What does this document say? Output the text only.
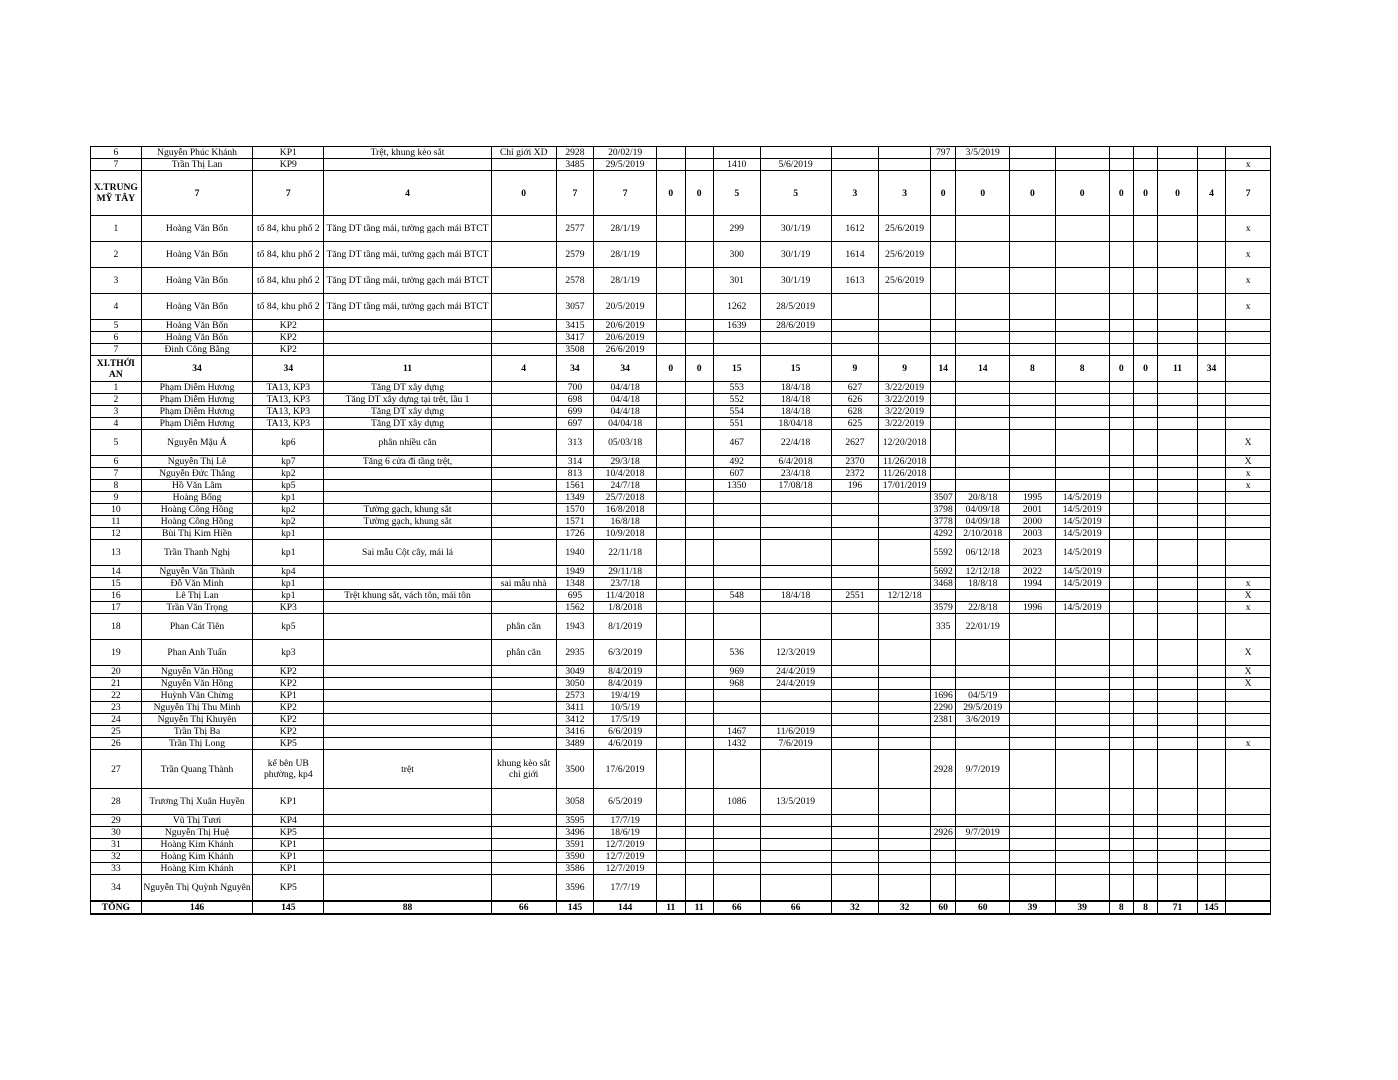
6	Nguyễn Phúc Khánh	KP1	Trệt, khung kèo sắt	Chỉ giới XD	2928	20/02/19							797	3/5/2019							
7	Trần Thị Lan	KP9			3485	29/5/2019			1410	5/6/2019											x
X.TRUNG MỸ TÂY	7	7	4	0	7	7	0	0	5	5	3	3	0	0	0	0	0	0	0	4	7
1	Hoàng Văn Bốn	tổ 84, khu phố 2	Tăng DT tầng mái, tường gạch mái BTCT		2577	28/1/19			299	30/1/19	1612	25/6/2019									x
2	Hoàng Văn Bốn	tổ 84, khu phố 2	Tăng DT tầng mái, tường gạch mái BTCT		2579	28/1/19			300	30/1/19	1614	25/6/2019									x
3	Hoàng Văn Bốn	tổ 84, khu phố 2	Tăng DT tầng mái, tường gạch mái BTCT		2578	28/1/19			301	30/1/19	1613	25/6/2019									x
4	Hoàng Văn Bốn	tổ 84, khu phố 2	Tăng DT tầng mái, tường gạch mái BTCT		3057	20/5/2019			1262	28/5/2019											x
5	Hoàng Văn Bốn	KP2			3415	20/6/2019			1639	28/6/2019											
6	Hoàng Văn Bốn	KP2			3417	20/6/2019															
7	Đinh Công Bằng	KP2			3508	26/6/2019															
XI.THỚI AN	34	34	11	4	34	34	0	0	15	15	9	9	14	14	8	8	0	0	11	34	
1	Phạm Diễm Hương	TA13, KP3	Tăng DT xây dựng		700	04/4/18			553	18/4/18	627	3/22/2019									
2	Phạm Diễm Hương	TA13, KP3	Tăng DT xây dựng tại trệt, lầu 1		698	04/4/18			552	18/4/18	626	3/22/2019									
3	Phạm Diễm Hương	TA13, KP3	Tăng DT xây dựng		699	04/4/18			554	18/4/18	628	3/22/2019									
4	Phạm Diễm Hương	TA13, KP3	Tăng DT xây dựng		697	04/04/18			551	18/04/18	625	3/22/2019									
5	Nguyễn Mậu Á	kp6	phân nhiều căn		313	05/03/18			467	22/4/18	2627	12/20/2018									X
6	Nguyễn Thị Lê	kp7	Tăng 6 cửa đi tầng trệt,		314	29/3/18			492	6/4/2018	2370	11/26/2018									X
7	Nguyễn Đức Thắng	kp2			813	10/4/2018			607	23/4/18	2372	11/26/2018									x
8	Hồ Văn Lâm	kp5			1561	24/7/18			1350	17/08/18	196	17/01/2019									x
9	Hoàng Bống	kp1			1349	25/7/2018							3507	20/8/18	1995	14/5/2019					
10	Hoàng Công Hồng	kp2	Tường gạch, khung sắt		1570	16/8/2018							3798	04/09/18	2001	14/5/2019					
11	Hoàng Công Hồng	kp2	Tường gạch, khung sắt		1571	16/8/18							3778	04/09/18	2000	14/5/2019					
12	Bùi Thị Kim Hiền	kp1			1726	10/9/2018							4292	2/10/2018	2003	14/5/2019					
13	Trần Thanh Nghị	kp1	Sai mẫu Cột cây, mái lá		1940	22/11/18							5592	06/12/18	2023	14/5/2019					
14	Nguyễn Văn Thành	kp4			1949	29/11/18							5692	12/12/18	2022	14/5/2019					
15	Đỗ Văn Minh	kp1		sai mẫu nhà	1348	23/7/18							3468	18/8/18	1994	14/5/2019					x
16	Lê Thị Lan	kp1	Trệt khung sắt, vách tôn, mái tôn		695	11/4/2018			548	18/4/18	2551	12/12/18									X
17	Trần Văn Trọng	KP3			1562	1/8/2018							3579	22/8/18	1996	14/5/2019					x
18	Phan Cát Tiên	kp5		phân căn	1943	8/1/2019							335	22/01/19							
19	Phan Anh Tuấn	kp3		phân căn	2935	6/3/2019			536	12/3/2019											X
20	Nguyễn Văn Hồng	KP2			3049	8/4/2019			969	24/4/2019											X
21	Nguyễn Văn Hồng	KP2			3050	8/4/2019			968	24/4/2019											X
22	Huỳnh Văn Chừng	KP1			2573	19/4/19							1696	04/5/19							
23	Nguyễn Thị Thu Minh	KP2			3411	10/5/19							2290	29/5/2019							
24	Nguyễn Thị Khuyên	KP2			3412	17/5/19							2381	3/6/2019							
25	Trần Thị Ba	KP2			3416	6/6/2019			1467	11/6/2019											
26	Trần Thị Long	KP5			3489	4/6/2019			1432	7/6/2019											x
27	Trần Quang Thành	kế bên UB phường, kp4	trệt	khung kèo sắt chỉ giới	3500	17/6/2019							2928	9/7/2019							
28	Trương Thị Xuân Huyền	KP1			3058	6/5/2019			1086	13/5/2019											
29	Vũ Thị Tươi	KP4			3595	17/7/19															
30	Nguyễn Thị Huệ	KP5			3496	18/6/19							2926	9/7/2019							
31	Hoàng Kim Khánh	KP1			3591	12/7/2019															
32	Hoàng Kim Khánh	KP1			3590	12/7/2019															
33	Hoàng Kim Khánh	KP1			3586	12/7/2019															
34	Nguyễn Thị Quỳnh Nguyên	KP5			3596	17/7/19															
TỔNG	146	145	88	66	145	144	11	11	66	66	32	32	60	60	39	39	8	8	71	145	
